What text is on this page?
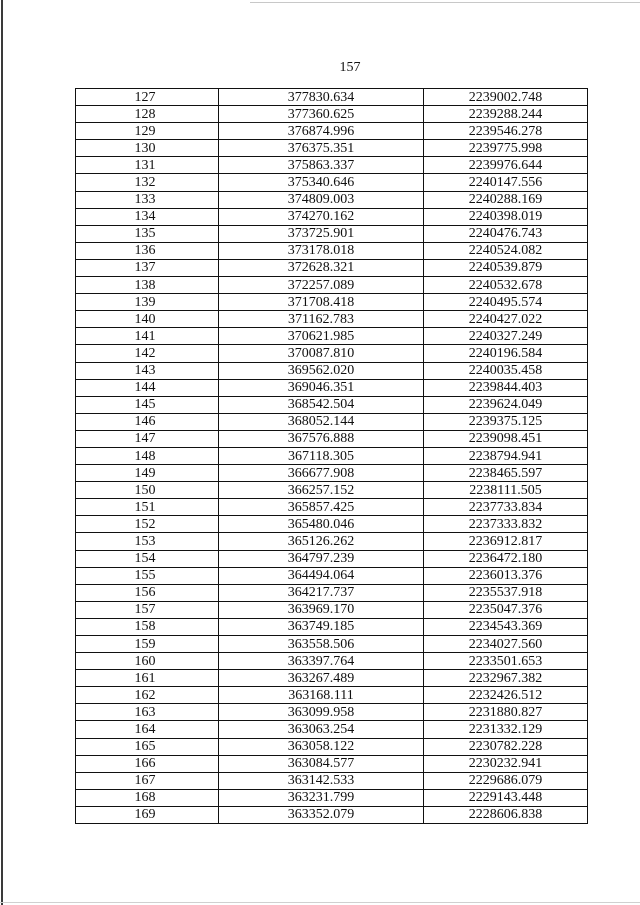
157
127	377830.634	2239002.748
128	377360.625	2239288.244
129	376874.996	2239546.278
130	376375.351	2239775.998
131	375863.337	2239976.644
132	375340.646	2240147.556
133	374809.003	2240288.169
134	374270.162	2240398.019
135	373725.901	2240476.743
136	373178.018	2240524.082
137	372628.321	2240539.879
138	372257.089	2240532.678
139	371708.418	2240495.574
140	371162.783	2240427.022
141	370621.985	2240327.249
142	370087.810	2240196.584
143	369562.020	2240035.458
144	369046.351	2239844.403
145	368542.504	2239624.049
146	368052.144	2239375.125
147	367576.888	2239098.451
148	367118.305	2238794.941
149	366677.908	2238465.597
150	366257.152	2238111.505
151	365857.425	2237733.834
152	365480.046	2237333.832
153	365126.262	2236912.817
154	364797.239	2236472.180
155	364494.064	2236013.376
156	364217.737	2235537.918
157	363969.170	2235047.376
158	363749.185	2234543.369
159	363558.506	2234027.560
160	363397.764	2233501.653
161	363267.489	2232967.382
162	363168.111	2232426.512
163	363099.958	2231880.827
164	363063.254	2231332.129
165	363058.122	2230782.228
166	363084.577	2230232.941
167	363142.533	2229686.079
168	363231.799	2229143.448
169	363352.079	2228606.838
